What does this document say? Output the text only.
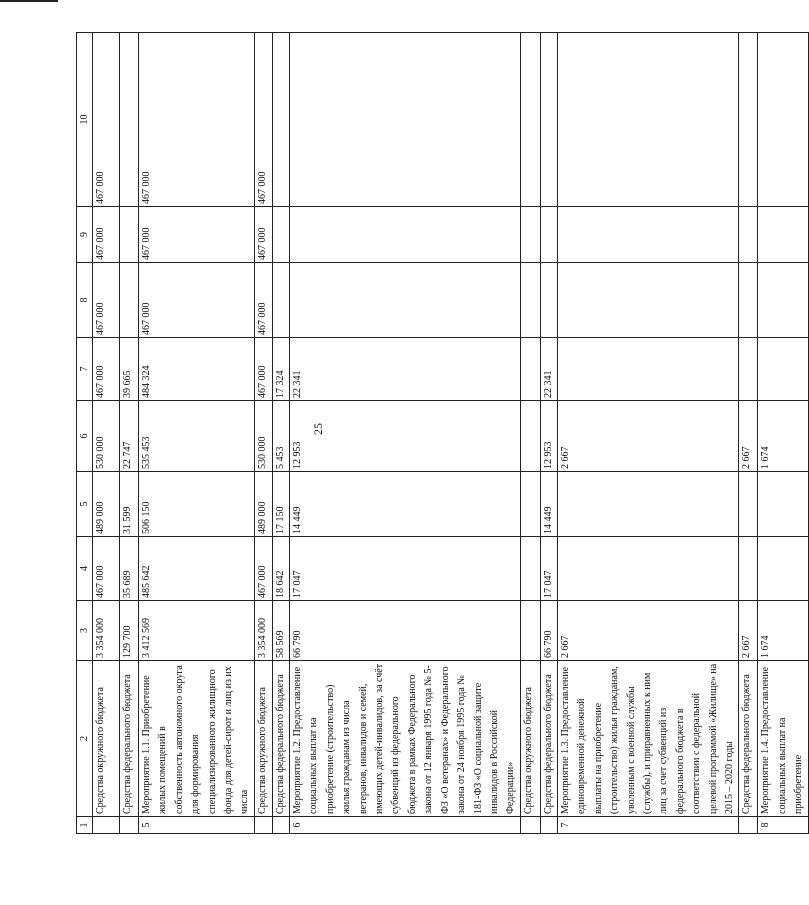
25
1	2	3	4	5	6	7	8	9	10
	Средства окружного бюджета	3 354 000	467 000	489 000	530 000	467 000	467 000	467 000	467 000
	Средства федерального бюджета	129 700	35 689	31 599	22 747	39 665			
5	Мероприятие 1.1. Приобретение жилых помещений в собственность автономного округа для формирования специализированного жилищного фонда для детей-сирот и лиц из их числа	3 412 569	485 642	506 150	535 453	484 324	467 000	467 000	467 000
	Средства окружного бюджета	3 354 000	467 000	489 000	530 000	467 000	467 000	467 000	467 000
	Средства федерального бюджета	58 569	18 642	17 150	5 453	17 324			
6	Мероприятие 1.2. Предоставление социальных выплат на приобретение (строительство) жилья гражданам из числа ветеранов, инвалидов и семей, имеющих детей-инвалидов, за счёт субвенций из федерального бюджета в рамках Федерального закона от 12 января 1995 года № 5-ФЗ «О ветеранах» и Федерального закона от 24 ноября 1995 года № 181-ФЗ «О социальной защите инвалидов в Российской Федерации»	66 790	17 047	14 449	12 953	22 341			
	Средства окружного бюджета								
	Средства федерального бюджета	66 790	17 047	14 449	12 953	22 341			
7	Мероприятие 1.3. Предоставление единовременной денежной выплаты на приобретение (строительство) жилья гражданам, уволенным с военной службы (службы), и приравненных к ним лиц за счет субвенций из федерального бюджета в соответствии с федеральной целевой программой «Жилище» на 2015 – 2020 годы	2 667			2 667				
	Средства федерального бюджета	2 667			2 667				
8	Мероприятие 1.4. Предоставление социальных выплат на приобретение	1 674			1 674				
